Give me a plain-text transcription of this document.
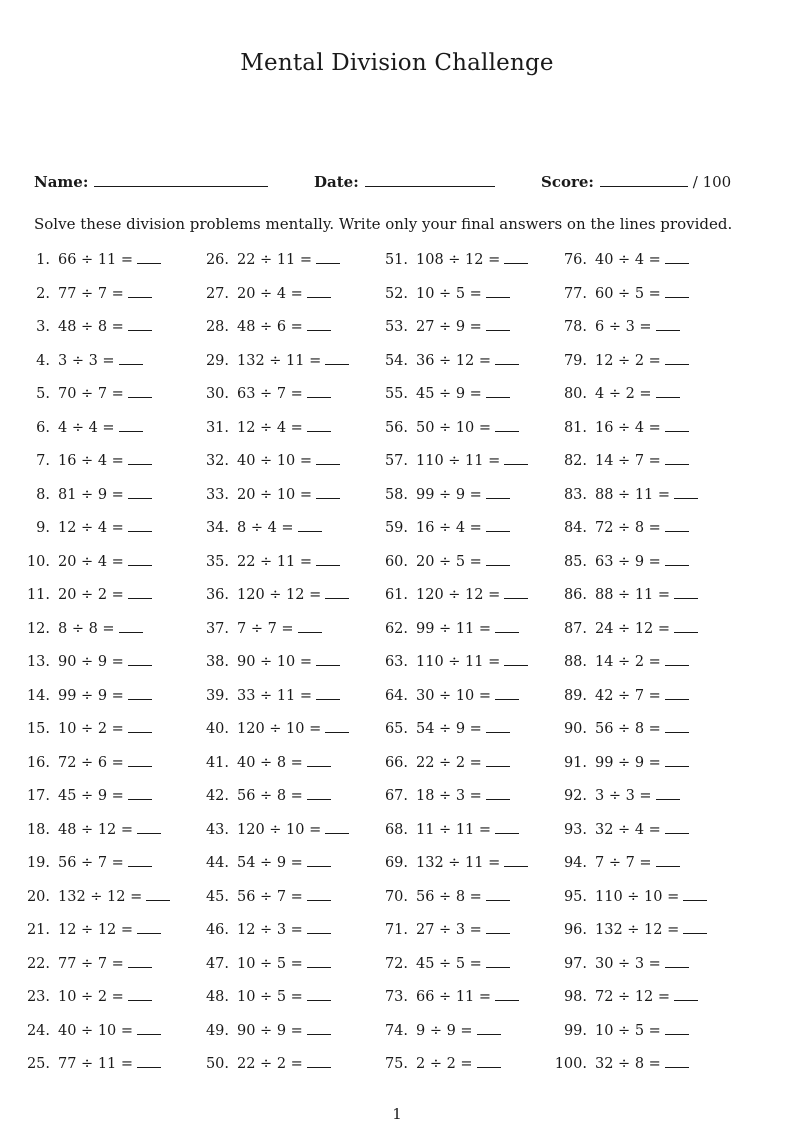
Mental Division Challenge
Name:	Date:	Score:	/ 100
Solve these division problems mentally. Write only your final answers on the lines provided.
1. 66 ÷ 11 =
2. 77 ÷ 7 =
3. 48 ÷ 8 =
4. 3 ÷ 3 =
5. 70 ÷ 7 =
6. 4 ÷ 4 =
7. 16 ÷ 4 =
8. 81 ÷ 9 =
9. 12 ÷ 4 =
10. 20 ÷ 4 =
11. 20 ÷ 2 =
12. 8 ÷ 8 =
13. 90 ÷ 9 =
14. 99 ÷ 9 =
15. 10 ÷ 2 =
16. 72 ÷ 6 =
17. 45 ÷ 9 =
18. 48 ÷ 12 =
19. 56 ÷ 7 =
20. 132 ÷ 12 =
21. 12 ÷ 12 =
22. 77 ÷ 7 =
23. 10 ÷ 2 =
24. 40 ÷ 10 =
25. 77 ÷ 11 =
26. 22 ÷ 11 =
27. 20 ÷ 4 =
28. 48 ÷ 6 =
29. 132 ÷ 11 =
30. 63 ÷ 7 =
31. 12 ÷ 4 =
32. 40 ÷ 10 =
33. 20 ÷ 10 =
34. 8 ÷ 4 =
35. 22 ÷ 11 =
36. 120 ÷ 12 =
37. 7 ÷ 7 =
38. 90 ÷ 10 =
39. 33 ÷ 11 =
40. 120 ÷ 10 =
41. 40 ÷ 8 =
42. 56 ÷ 8 =
43. 120 ÷ 10 =
44. 54 ÷ 9 =
45. 56 ÷ 7 =
46. 12 ÷ 3 =
47. 10 ÷ 5 =
48. 10 ÷ 5 =
49. 90 ÷ 9 =
50. 22 ÷ 2 =
51. 108 ÷ 12 =
52. 10 ÷ 5 =
53. 27 ÷ 9 =
54. 36 ÷ 12 =
55. 45 ÷ 9 =
56. 50 ÷ 10 =
57. 110 ÷ 11 =
58. 99 ÷ 9 =
59. 16 ÷ 4 =
60. 20 ÷ 5 =
61. 120 ÷ 12 =
62. 99 ÷ 11 =
63. 110 ÷ 11 =
64. 30 ÷ 10 =
65. 54 ÷ 9 =
66. 22 ÷ 2 =
67. 18 ÷ 3 =
68. 11 ÷ 11 =
69. 132 ÷ 11 =
70. 56 ÷ 8 =
71. 27 ÷ 3 =
72. 45 ÷ 5 =
73. 66 ÷ 11 =
74. 9 ÷ 9 =
75. 2 ÷ 2 =
76. 40 ÷ 4 =
77. 60 ÷ 5 =
78. 6 ÷ 3 =
79. 12 ÷ 2 =
80. 4 ÷ 2 =
81. 16 ÷ 4 =
82. 14 ÷ 7 =
83. 88 ÷ 11 =
84. 72 ÷ 8 =
85. 63 ÷ 9 =
86. 88 ÷ 11 =
87. 24 ÷ 12 =
88. 14 ÷ 2 =
89. 42 ÷ 7 =
90. 56 ÷ 8 =
91. 99 ÷ 9 =
92. 3 ÷ 3 =
93. 32 ÷ 4 =
94. 7 ÷ 7 =
95. 110 ÷ 10 =
96. 132 ÷ 12 =
97. 30 ÷ 3 =
98. 72 ÷ 12 =
99. 10 ÷ 5 =
100. 32 ÷ 8 =
1
